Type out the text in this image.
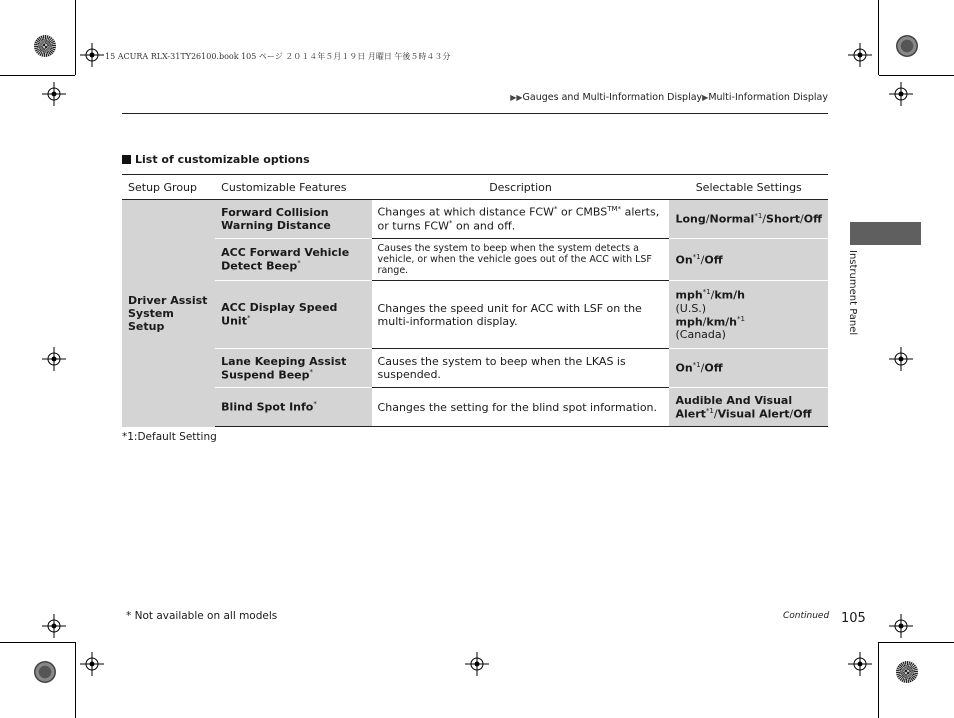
15 ACURA RLX-31TY26100.book 105 ページ ２０１４年５月１９日 月曜日 午後５時４３分
▶▶Gauges and Multi-Information Display▶Multi-Information Display
List of customizable options
Setup Group	Customizable Features	Description	Selectable Settings
Driver Assist System Setup	Forward Collision Warning Distance	Changes at which distance FCW* or $CMBS^{TM*}$ alerts, or turns FCW* on and off.	Long/Normal$^{*1}$/Short/Off
	ACC Forward Vehicle Detect Beep*	Causes the system to beep when the system detects a vehicle, or when the vehicle goes out of the ACC with LSF range.	On$^{*1}$/Off
	ACC Display Speed Unit*	Changes the speed unit for ACC with LSF on the multi-information display.	mph$^{*1}$/km/h
(U.S.)
mph/$km/h^{*1}$
(Canada)

	Lane Keeping Assist Suspend Beep*	Causes the system to beep when the LKAS is suspended.	On$^{*1}$/Off
	Blind Spot Info*	Changes the setting for the blind spot information.	Audible And Visual Alert$^{*1}$/Visual Alert/Off
*1:Default Setting
Instrument Panel
* Not available on all models	Continued 105
